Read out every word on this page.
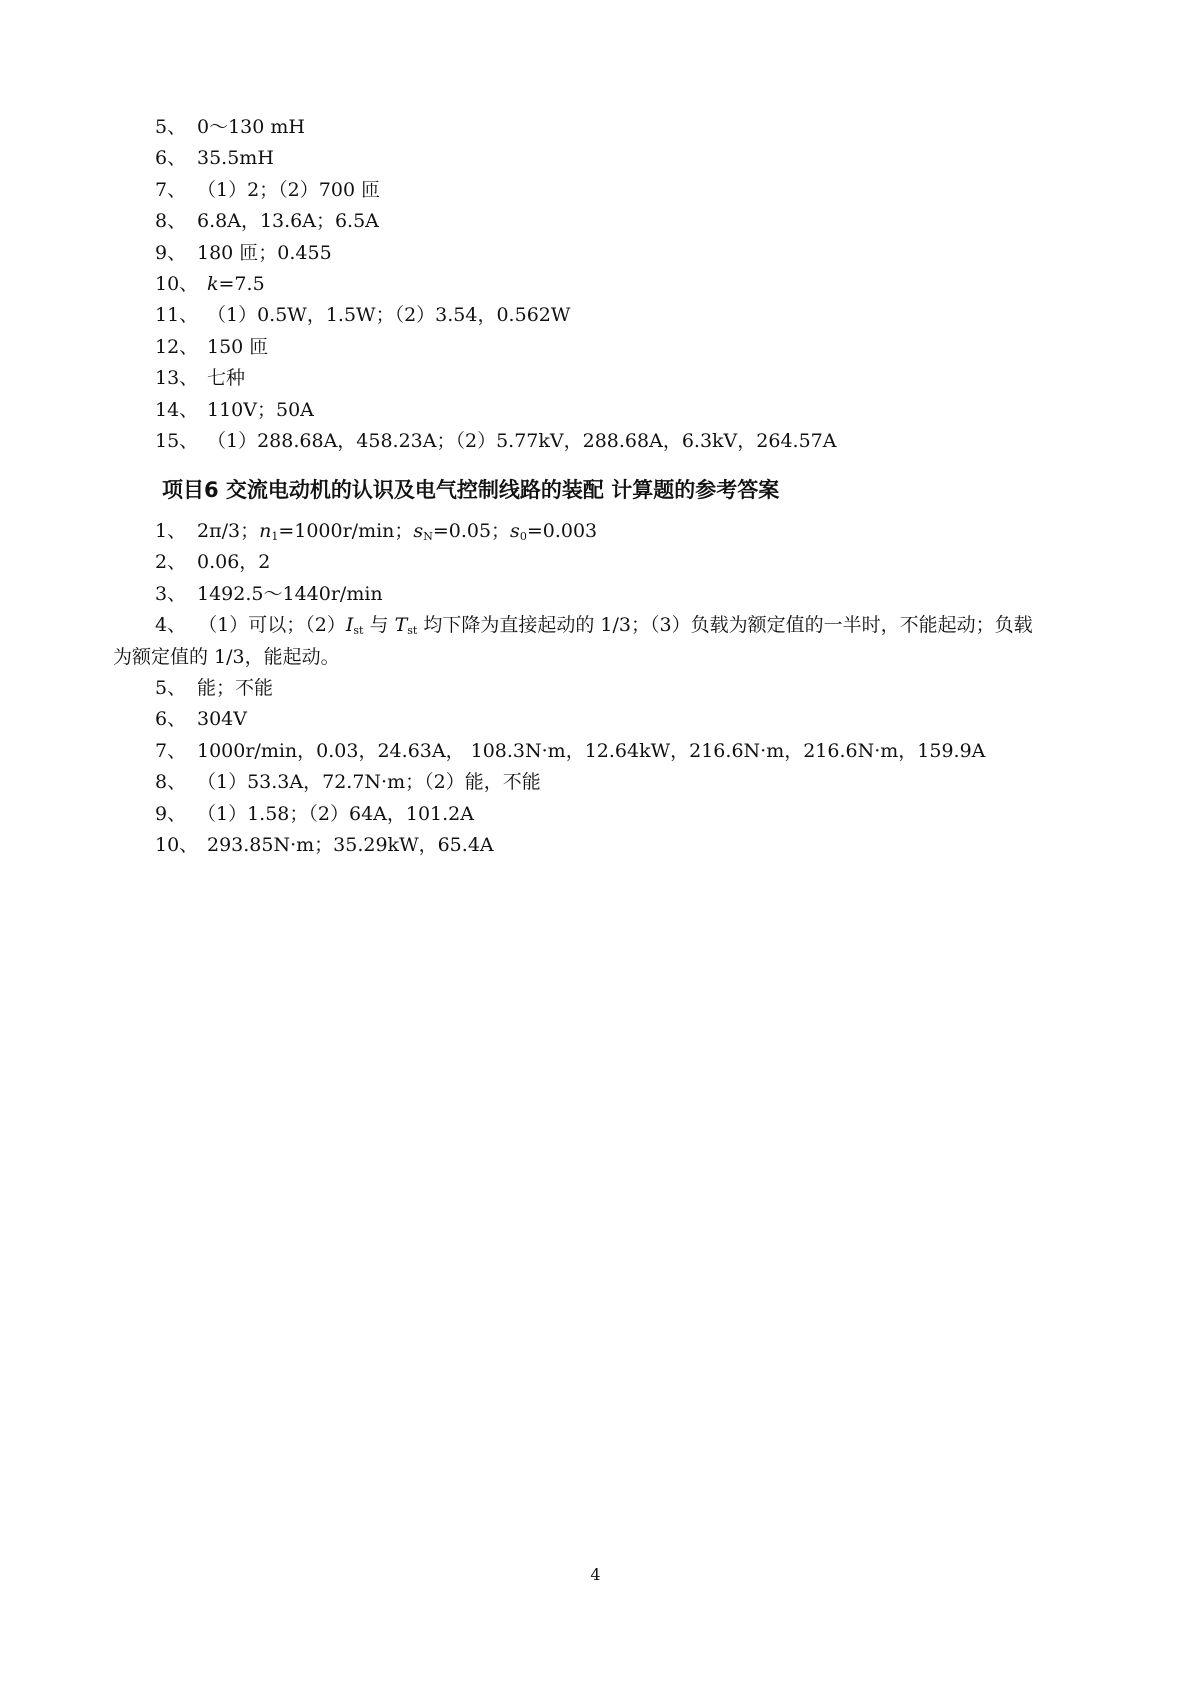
5、 0～130 mH
6、 35.5mH
7、 （1）2；（2）700 匝
8、 6.8A，13.6A；6.5A
9、 180 匝；0.455
10、 k=7.5
11、 （1）0.5W，1.5W；（2）3.54，0.562W
12、 150 匝
13、 七种
14、 110V；50A
15、 （1）288.68A，458.23A；（2）5.77kV，288.68A，6.3kV，264.57A
项目6 交流电动机的认识及电气控制线路的装配 计算题的参考答案
1、 2π/3；$n_1=1000r/\min$；$s_N=0.05$；$s_0=0.003$
2、 0.06，2
3、 1492.5～1440r/min
4、 （1）可以；$(2)I_{st}$ 与 $T_{st}$ 均下降为直接起动的 1/3；（3）负载为额定值的一半时，不能起动；负载
为额定值的 1/3，能起动。
5、 能；不能
6、 304V
7、 1000r/min，0.03，24.63A， 108.3N·m，12.64kW，216.6N·m，216.6N·m，159.9A
8、 （1）53.3A，72.7N·m；（2）能，不能
9、 （1）1.58；（2）64A，101.2A
10、 293.85N·m；35.29kW，65.4A
4
